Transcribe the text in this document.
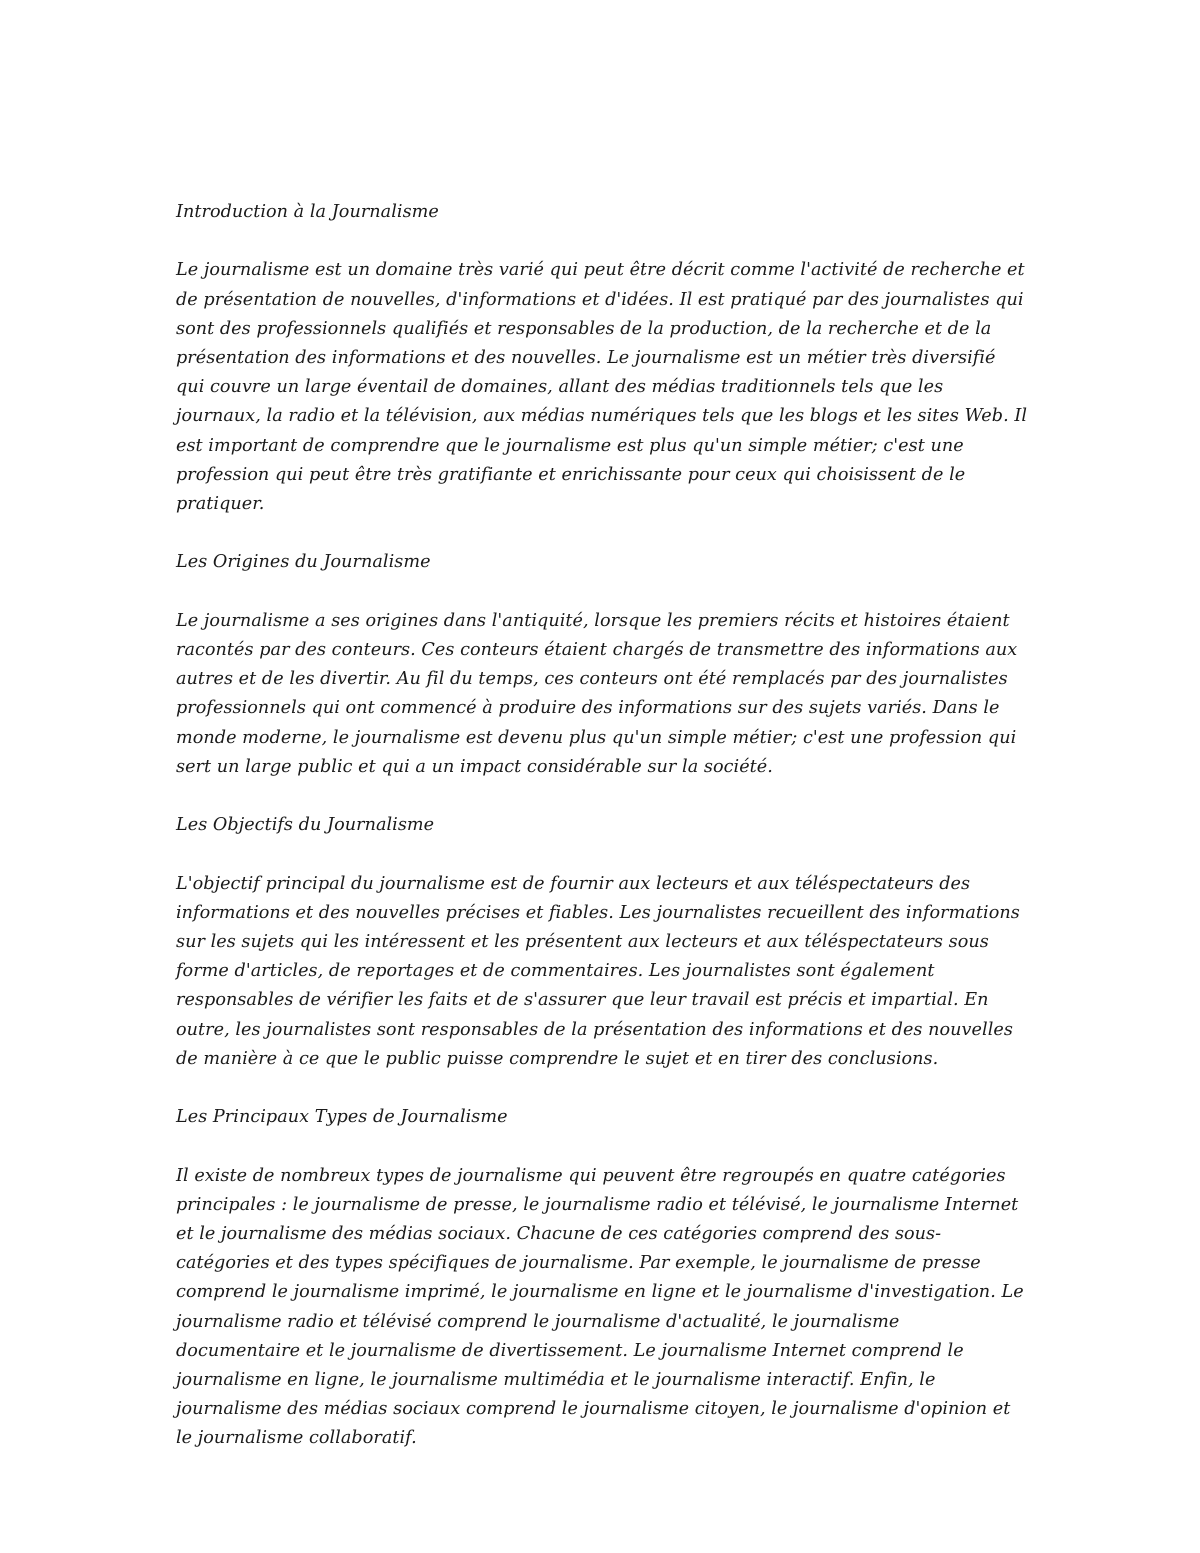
Introduction à la Journalisme
Le journalisme est un domaine très varié qui peut être décrit comme l'activité de recherche et de présentation de nouvelles, d'informations et d'idées. Il est pratiqué par des journalistes qui sont des professionnels qualifiés et responsables de la production, de la recherche et de la présentation des informations et des nouvelles. Le journalisme est un métier très diversifié qui couvre un large éventail de domaines, allant des médias traditionnels tels que les journaux, la radio et la télévision, aux médias numériques tels que les blogs et les sites Web. Il est important de comprendre que le journalisme est plus qu'un simple métier; c'est une profession qui peut être très gratifiante et enrichissante pour ceux qui choisissent de le pratiquer.
Les Origines du Journalisme
Le journalisme a ses origines dans l'antiquité, lorsque les premiers récits et histoires étaient racontés par des conteurs. Ces conteurs étaient chargés de transmettre des informations aux autres et de les divertir. Au fil du temps, ces conteurs ont été remplacés par des journalistes professionnels qui ont commencé à produire des informations sur des sujets variés. Dans le monde moderne, le journalisme est devenu plus qu'un simple métier; c'est une profession qui sert un large public et qui a un impact considérable sur la société.
Les Objectifs du Journalisme
L'objectif principal du journalisme est de fournir aux lecteurs et aux téléspectateurs des informations et des nouvelles précises et fiables. Les journalistes recueillent des informations sur les sujets qui les intéressent et les présentent aux lecteurs et aux téléspectateurs sous forme d'articles, de reportages et de commentaires. Les journalistes sont également responsables de vérifier les faits et de s'assurer que leur travail est précis et impartial. En outre, les journalistes sont responsables de la présentation des informations et des nouvelles de manière à ce que le public puisse comprendre le sujet et en tirer des conclusions.
Les Principaux Types de Journalisme
Il existe de nombreux types de journalisme qui peuvent être regroupés en quatre catégories principales : le journalisme de presse, le journalisme radio et télévisé, le journalisme Internet et le journalisme des médias sociaux. Chacune de ces catégories comprend des sous-catégories et des types spécifiques de journalisme. Par exemple, le journalisme de presse comprend le journalisme imprimé, le journalisme en ligne et le journalisme d'investigation. Le journalisme radio et télévisé comprend le journalisme d'actualité, le journalisme documentaire et le journalisme de divertissement. Le journalisme Internet comprend le journalisme en ligne, le journalisme multimédia et le journalisme interactif. Enfin, le journalisme des médias sociaux comprend le journalisme citoyen, le journalisme d'opinion et le journalisme collaboratif.
